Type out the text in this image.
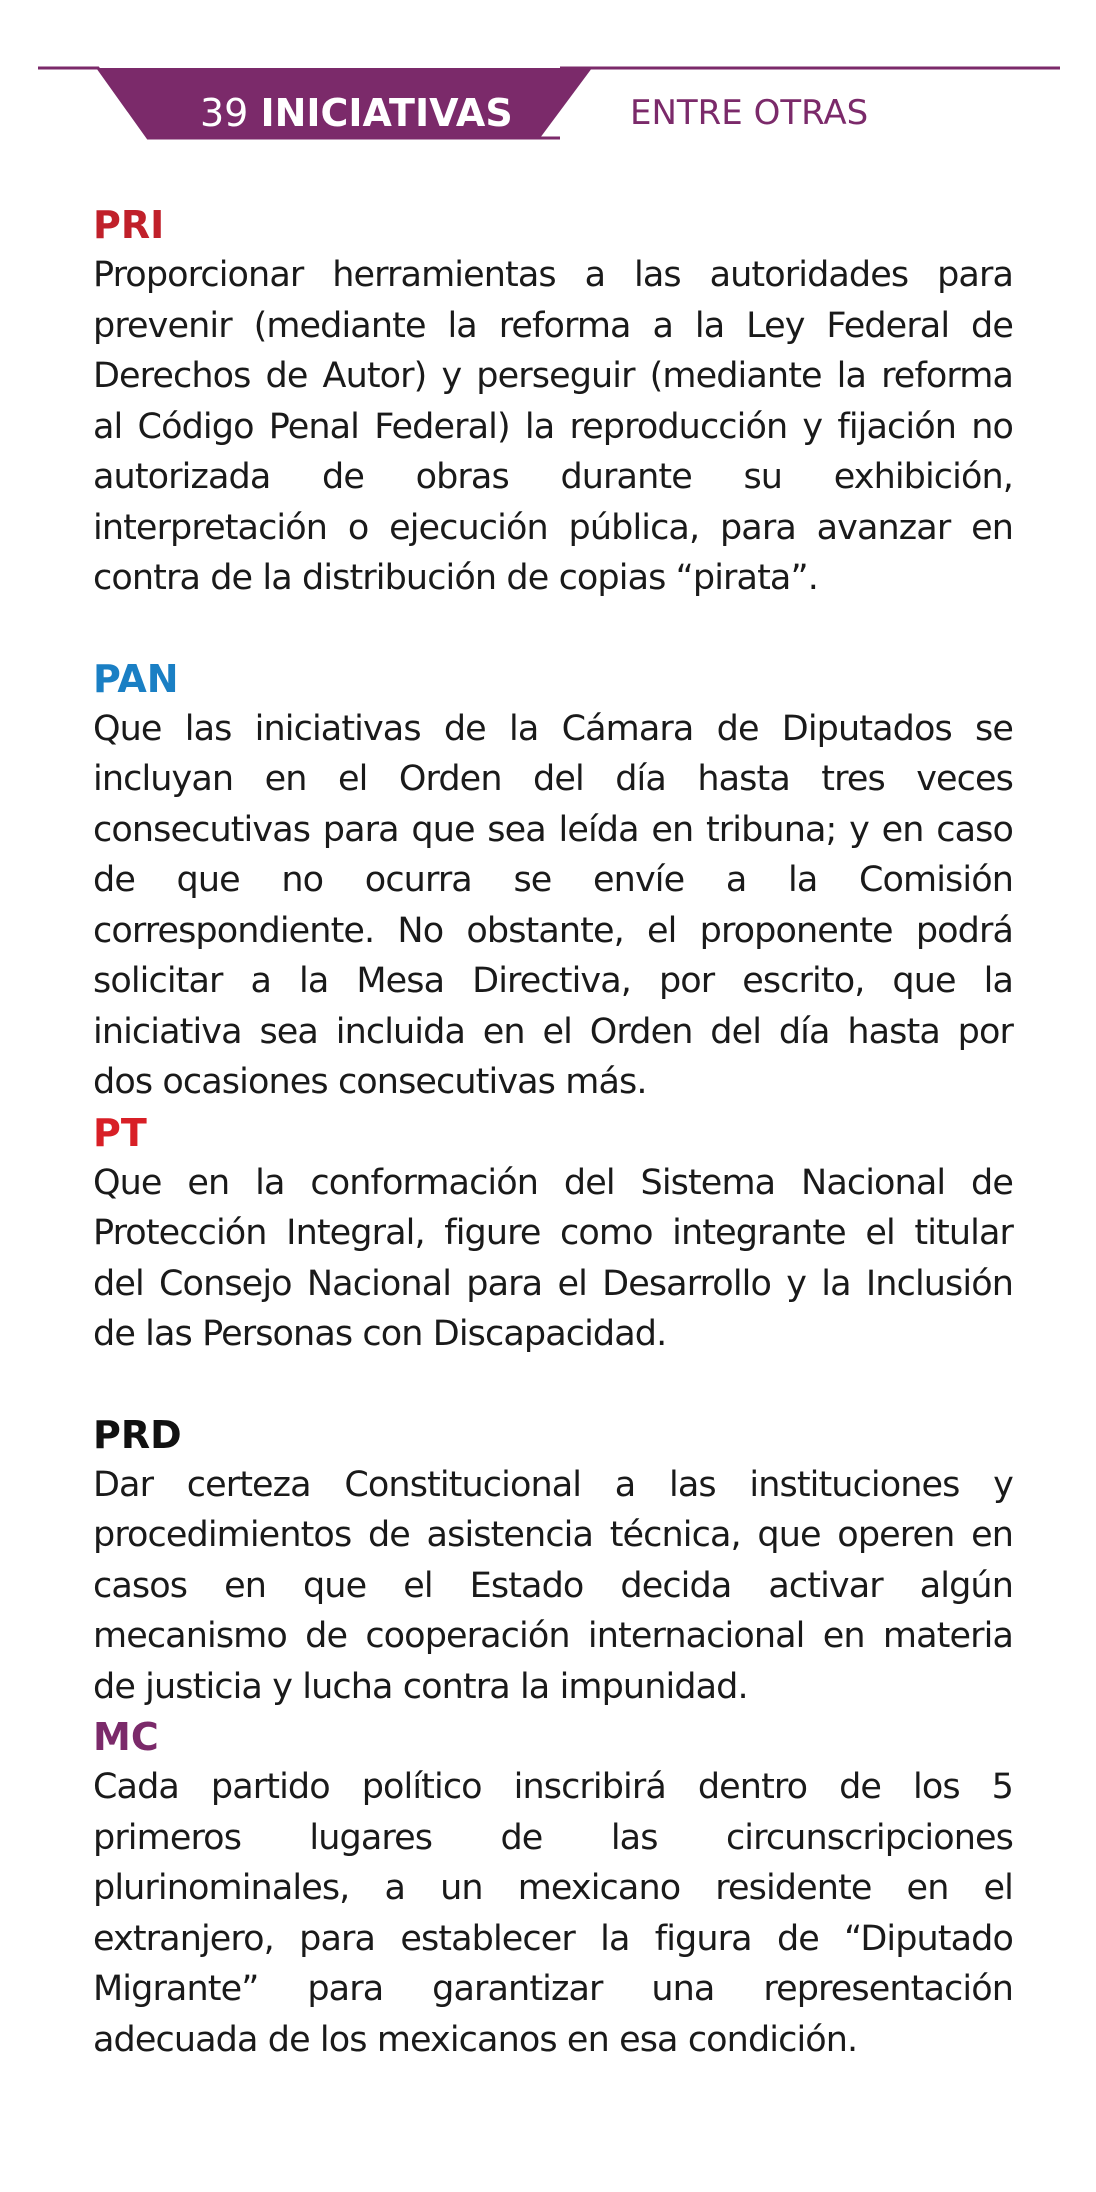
39 INICIATIVAS	ENTRE OTRAS

PRI

Proporcionar herramientas a las autoridades para prevenir (mediante la reforma a la Ley Federal de Derechos de Autor) y perseguir (mediante la reforma al Código Penal Federal) la reproducción y fijación no autorizada de obras durante su exhibición, interpretación o ejecución pública, para avanzar en contra de la distribución de copias “pirata”.

PAN

Que las iniciativas de la Cámara de Diputados se incluyan en el Orden del día hasta tres veces consecutivas para que sea leída en tribuna; y en caso de que no ocurra se envíe a la Comisión correspondiente. No obstante, el proponente podrá solicitar a la Mesa Directiva, por escrito, que la iniciativa sea incluida en el Orden del día hasta por dos ocasiones consecutivas más.

PT

Que en la conformación del Sistema Nacional de Protección Integral, figure como integrante el titular del Consejo Nacional para el Desarrollo y la Inclusión de las Personas con Discapacidad.

PRD

Dar certeza Constitucional a las instituciones y procedimientos de asistencia técnica, que operen en casos en que el Estado decida activar algún mecanismo de cooperación internacional en materia de justicia y lucha contra la impunidad.

MC

Cada partido político inscribirá dentro de los 5 primeros lugares de las circunscripciones plurinominales, a un mexicano residente en el extranjero, para establecer la figura de “Diputado Migrante” para garantizar una representación adecuada de los mexicanos en esa condición.
